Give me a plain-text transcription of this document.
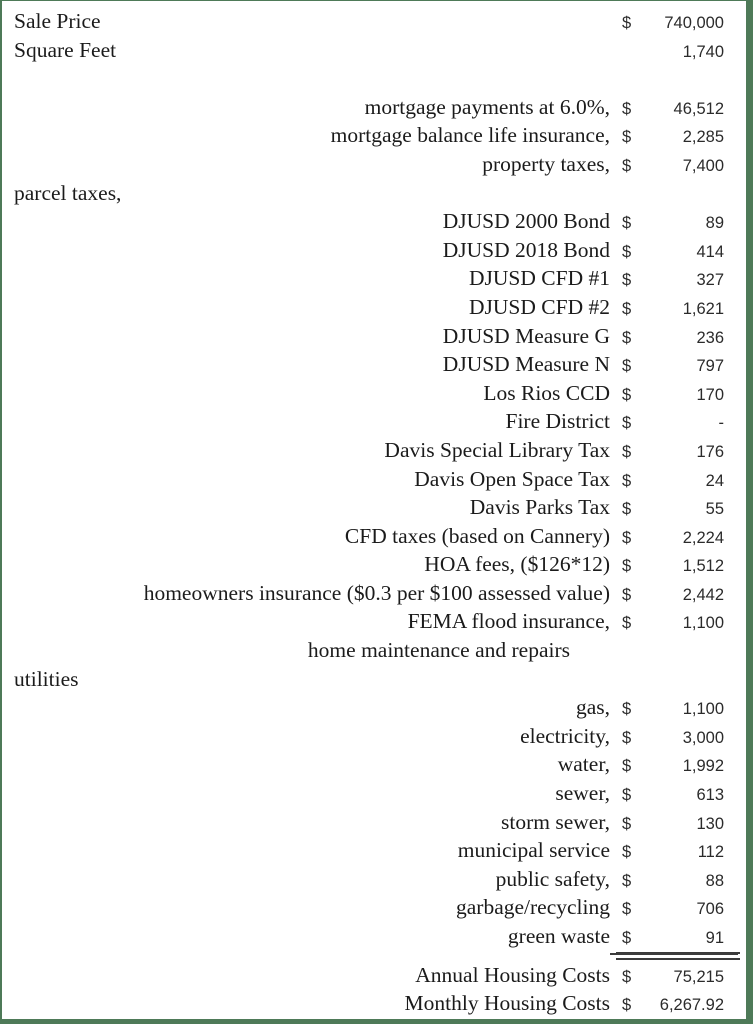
Sale Price	$	740,000
Square Feet	1,740
mortgage payments at 6.0%, $	46,512
mortgage balance life insurance, $	2,285
property taxes, $	7,400
parcel taxes,
DJUSD 2000 Bond $	89
DJUSD 2018 Bond $	414
DJUSD CFD #1 $	327
DJUSD CFD #2 $	1,621
DJUSD Measure G $	236
DJUSD Measure N $	797
Los Rios CCD $	170
Fire District $	-
Davis Special Library Tax $	176
Davis Open Space Tax $	24
Davis Parks Tax $	55
CFD taxes (based on Cannery) $	2,224
HOA fees, ($126*12) $	1,512
homeowners insurance ($0.3 per $100 assessed value) $	2,442
FEMA flood insurance, $	1,100
home maintenance and repairs
utilities
gas, $	1,100
electricity, $	3,000
water, $	1,992
sewer, $	613
storm sewer, $	130
municipal service $	112
public safety, $	88
garbage/recycling $	706
green waste $	91
Annual Housing Costs $	75,215
Monthly Housing Costs $	6,267.92
